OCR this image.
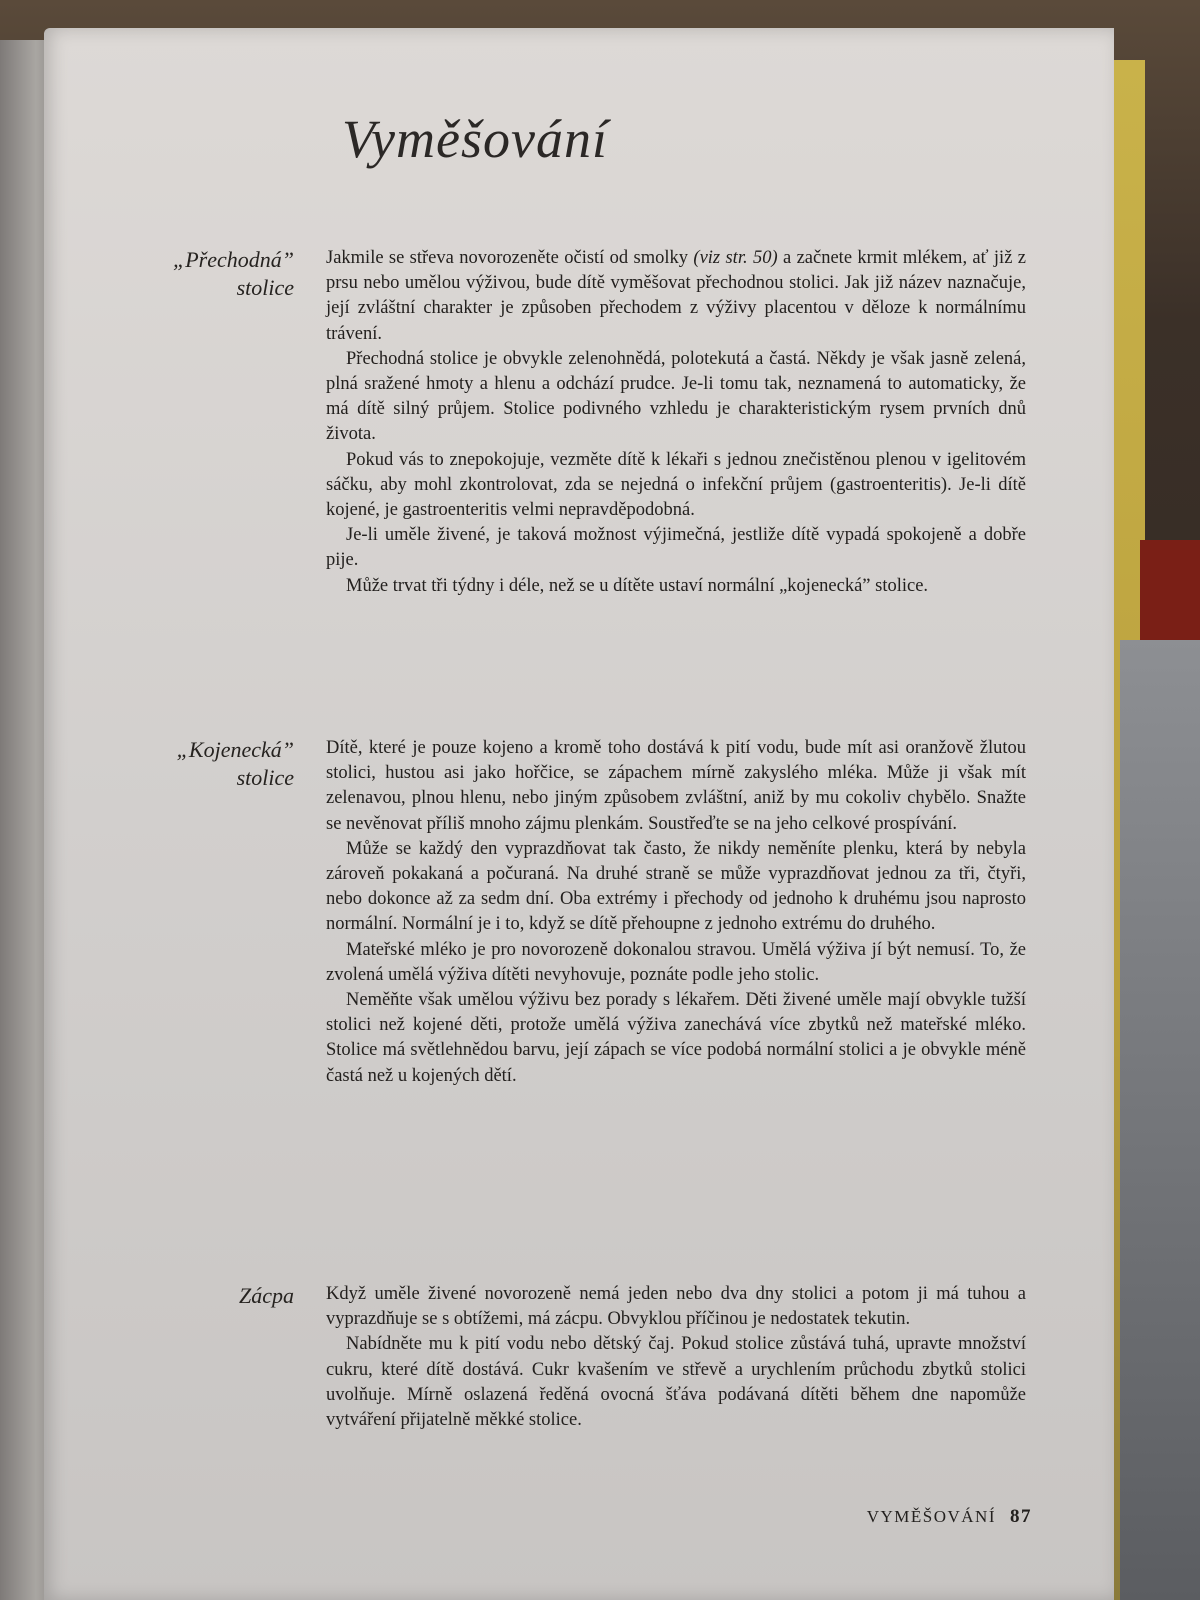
Vyměšování
„Přechodná”
stolice

Jakmile se střeva novorozeněte očistí od smolky (viz str. 50) a začnete krmit mlékem, ať již z prsu nebo umělou výživou, bude dítě vyměšovat přechodnou stolici. Jak již název naznačuje, její zvláštní charakter je způsoben přechodem z výživy placentou v děloze k normálnímu trávení.

Přechodná stolice je obvykle zelenohnědá, polotekutá a častá. Někdy je však jasně zelená, plná sražené hmoty a hlenu a odchází prudce. Je-li tomu tak, neznamená to automaticky, že má dítě silný průjem. Stolice podivného vzhledu je charakteristickým rysem prvních dnů života.

Pokud vás to znepokojuje, vezměte dítě k lékaři s jednou znečistěnou plenou v igelitovém sáčku, aby mohl zkontrolovat, zda se nejedná o infekční průjem (gastroenteritis). Je-li dítě kojené, je gastroenteritis velmi nepravděpodobná.

Je-li uměle živené, je taková možnost výjimečná, jestliže dítě vypadá spokojeně a dobře pije.

Může trvat tři týdny i déle, než se u dítěte ustaví normální „kojenecká” stolice.

„Kojenecká”
stolice

Dítě, které je pouze kojeno a kromě toho dostává k pití vodu, bude mít asi oranžově žlutou stolici, hustou asi jako hořčice, se zápachem mírně zakyslého mléka. Může ji však mít zelenavou, plnou hlenu, nebo jiným způsobem zvláštní, aniž by mu cokoliv chybělo. Snažte se nevěnovat příliš mnoho zájmu plenkám. Soustřeďte se na jeho celkové prospívání.

Může se každý den vyprazdňovat tak často, že nikdy neměníte plenku, která by nebyla zároveň pokakaná a počuraná. Na druhé straně se může vyprazdňovat jednou za tři, čtyři, nebo dokonce až za sedm dní. Oba extrémy i přechody od jednoho k druhému jsou naprosto normální. Normální je i to, když se dítě přehoupne z jednoho extrému do druhého.

Mateřské mléko je pro novorozeně dokonalou stravou. Umělá výživa jí být nemusí. To, že zvolená umělá výživa dítěti nevyhovuje, poznáte podle jeho stolic.

Neměňte však umělou výživu bez porady s lékařem. Děti živené uměle mají obvykle tužší stolici než kojené děti, protože umělá výživa zanechává více zbytků než mateřské mléko. Stolice má světlehnědou barvu, její zápach se více podobá normální stolici a je obvykle méně častá než u kojených dětí.

Zácpa Když uměle živené novorozeně nemá jeden nebo dva dny stolici a potom ji má tuhou a vyprazdňuje se s obtížemi, má zácpu. Obvyklou příčinou je nedostatek tekutin.

Nabídněte mu k pití vodu nebo dětský čaj. Pokud stolice zůstává tuhá, upravte množství cukru, které dítě dostává. Cukr kvašením ve střevě a urychlením průchodu zbytků stolici uvolňuje. Mírně oslazená ředěná ovocná šťáva podávaná dítěti během dne napomůže vytváření přijatelně měkké stolice.

VYMĚŠOVÁNÍ 87
